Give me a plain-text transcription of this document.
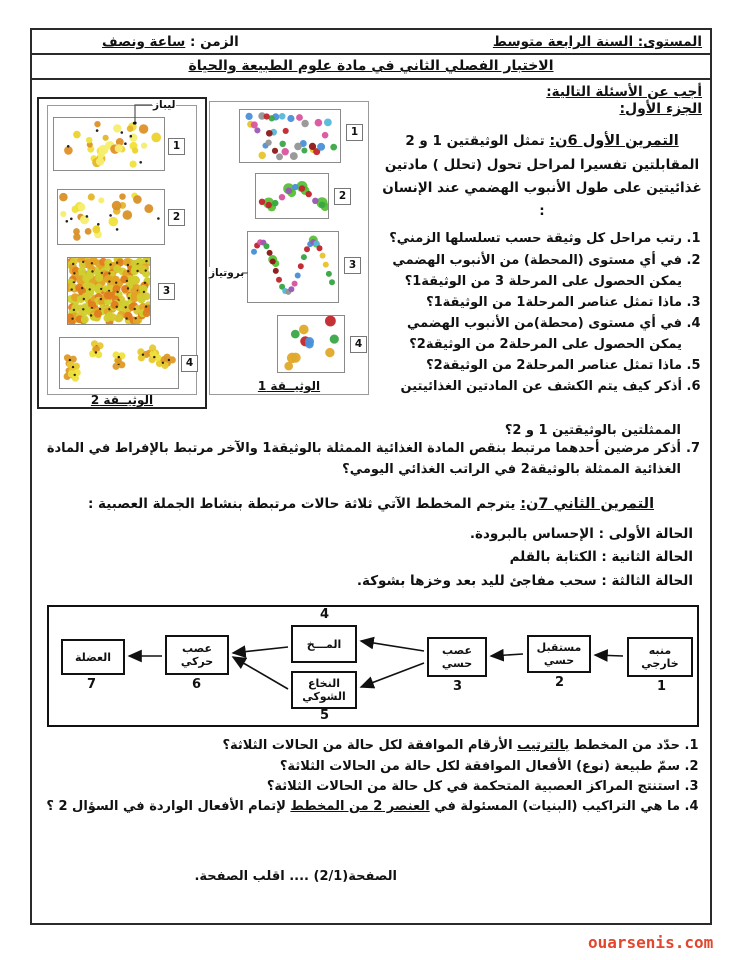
المستوى: السنة الرابعة متوسط
الزمن : ساعة ونصف
الاختبار الفصلي الثاني في مادة علوم الطبيعة والحياة
أجب عن الأسئلة التالية:
ليباز
1
2
3
4
الوثيــقة 2
1
2
3
بروتياز
4
الوثيــقة 1
الجزء الأول:
التمرين الأول 6ن: تمثل الوثيقتين 1 و 2 المقابلتين تفسيرا لمراحل تحول (تحلل ) مادتين غذائيتين على طول الأنبوب الهضمي عند الإنسان :
1. رتب مراحل كل وثيقة حسب تسلسلها الزمني؟
2. في أي مستوى (المحطة) من الأنبوب الهضمي يمكن الحصول على المرحلة 3 من الوثيقة1؟
3. ماذا تمثل عناصر المرحلة1 من الوثيقة1؟
4. في أي مستوى (محطة)من الأنبوب الهضمي يمكن الحصول على المرحلة2 من الوثيقة2؟
5. ماذا تمثل عناصر المرحلة2 من الوثيقة2؟
6. أذكر كيف يتم الكشف عن المادتين الغذائيتين

الممثلتين بالوثيقتين 1 و 2؟

7.
أذكر مرضين أحدهما مرتبط بنقص المادة الغذائية الممثلة بالوثيقة1 والآخر مرتبط بالإفراط في المادة الغذائية الممثلة بالوثيقة2 في الراتب الغذائي اليومي؟
التمرين الثاني 7ن: يترجم المخطط الآتي ثلاثة حالات مرتبطة بنشاط الجملة العصبية :
الحالة الأولى : الإحساس بالبرودة.
الحالة الثانية : الكتابة بالقلم
الحالة الثالثة : سحب مفاجئ لليد بعد وخزها بشوكة.
منبه
خارجي
1
مستقبل
حسي
2
عصب
حسي
3
المـــخ
4
النخاع
الشوكي
5
عصب
حركي
6
العضلة
7
1. حدّد من المخطط بالترتيب الأرقام الموافقة لكل حالة من الحالات الثلاثة؟
2. سمّ طبيعة (نوع) الأفعال الموافقة لكل حالة من الحالات الثلاثة؟
3. استنتج المراكز العصبية المتحكمة في كل حالة من الحالات الثلاثة؟
4. ما هي التراكيب (البنيات) المسئولة في العنصر 2 من المخطط لإتمام الأفعال الواردة في السؤال 2 ؟
الصفحة(2/1) .... اقلب الصفحة.
ouarsenis.com
